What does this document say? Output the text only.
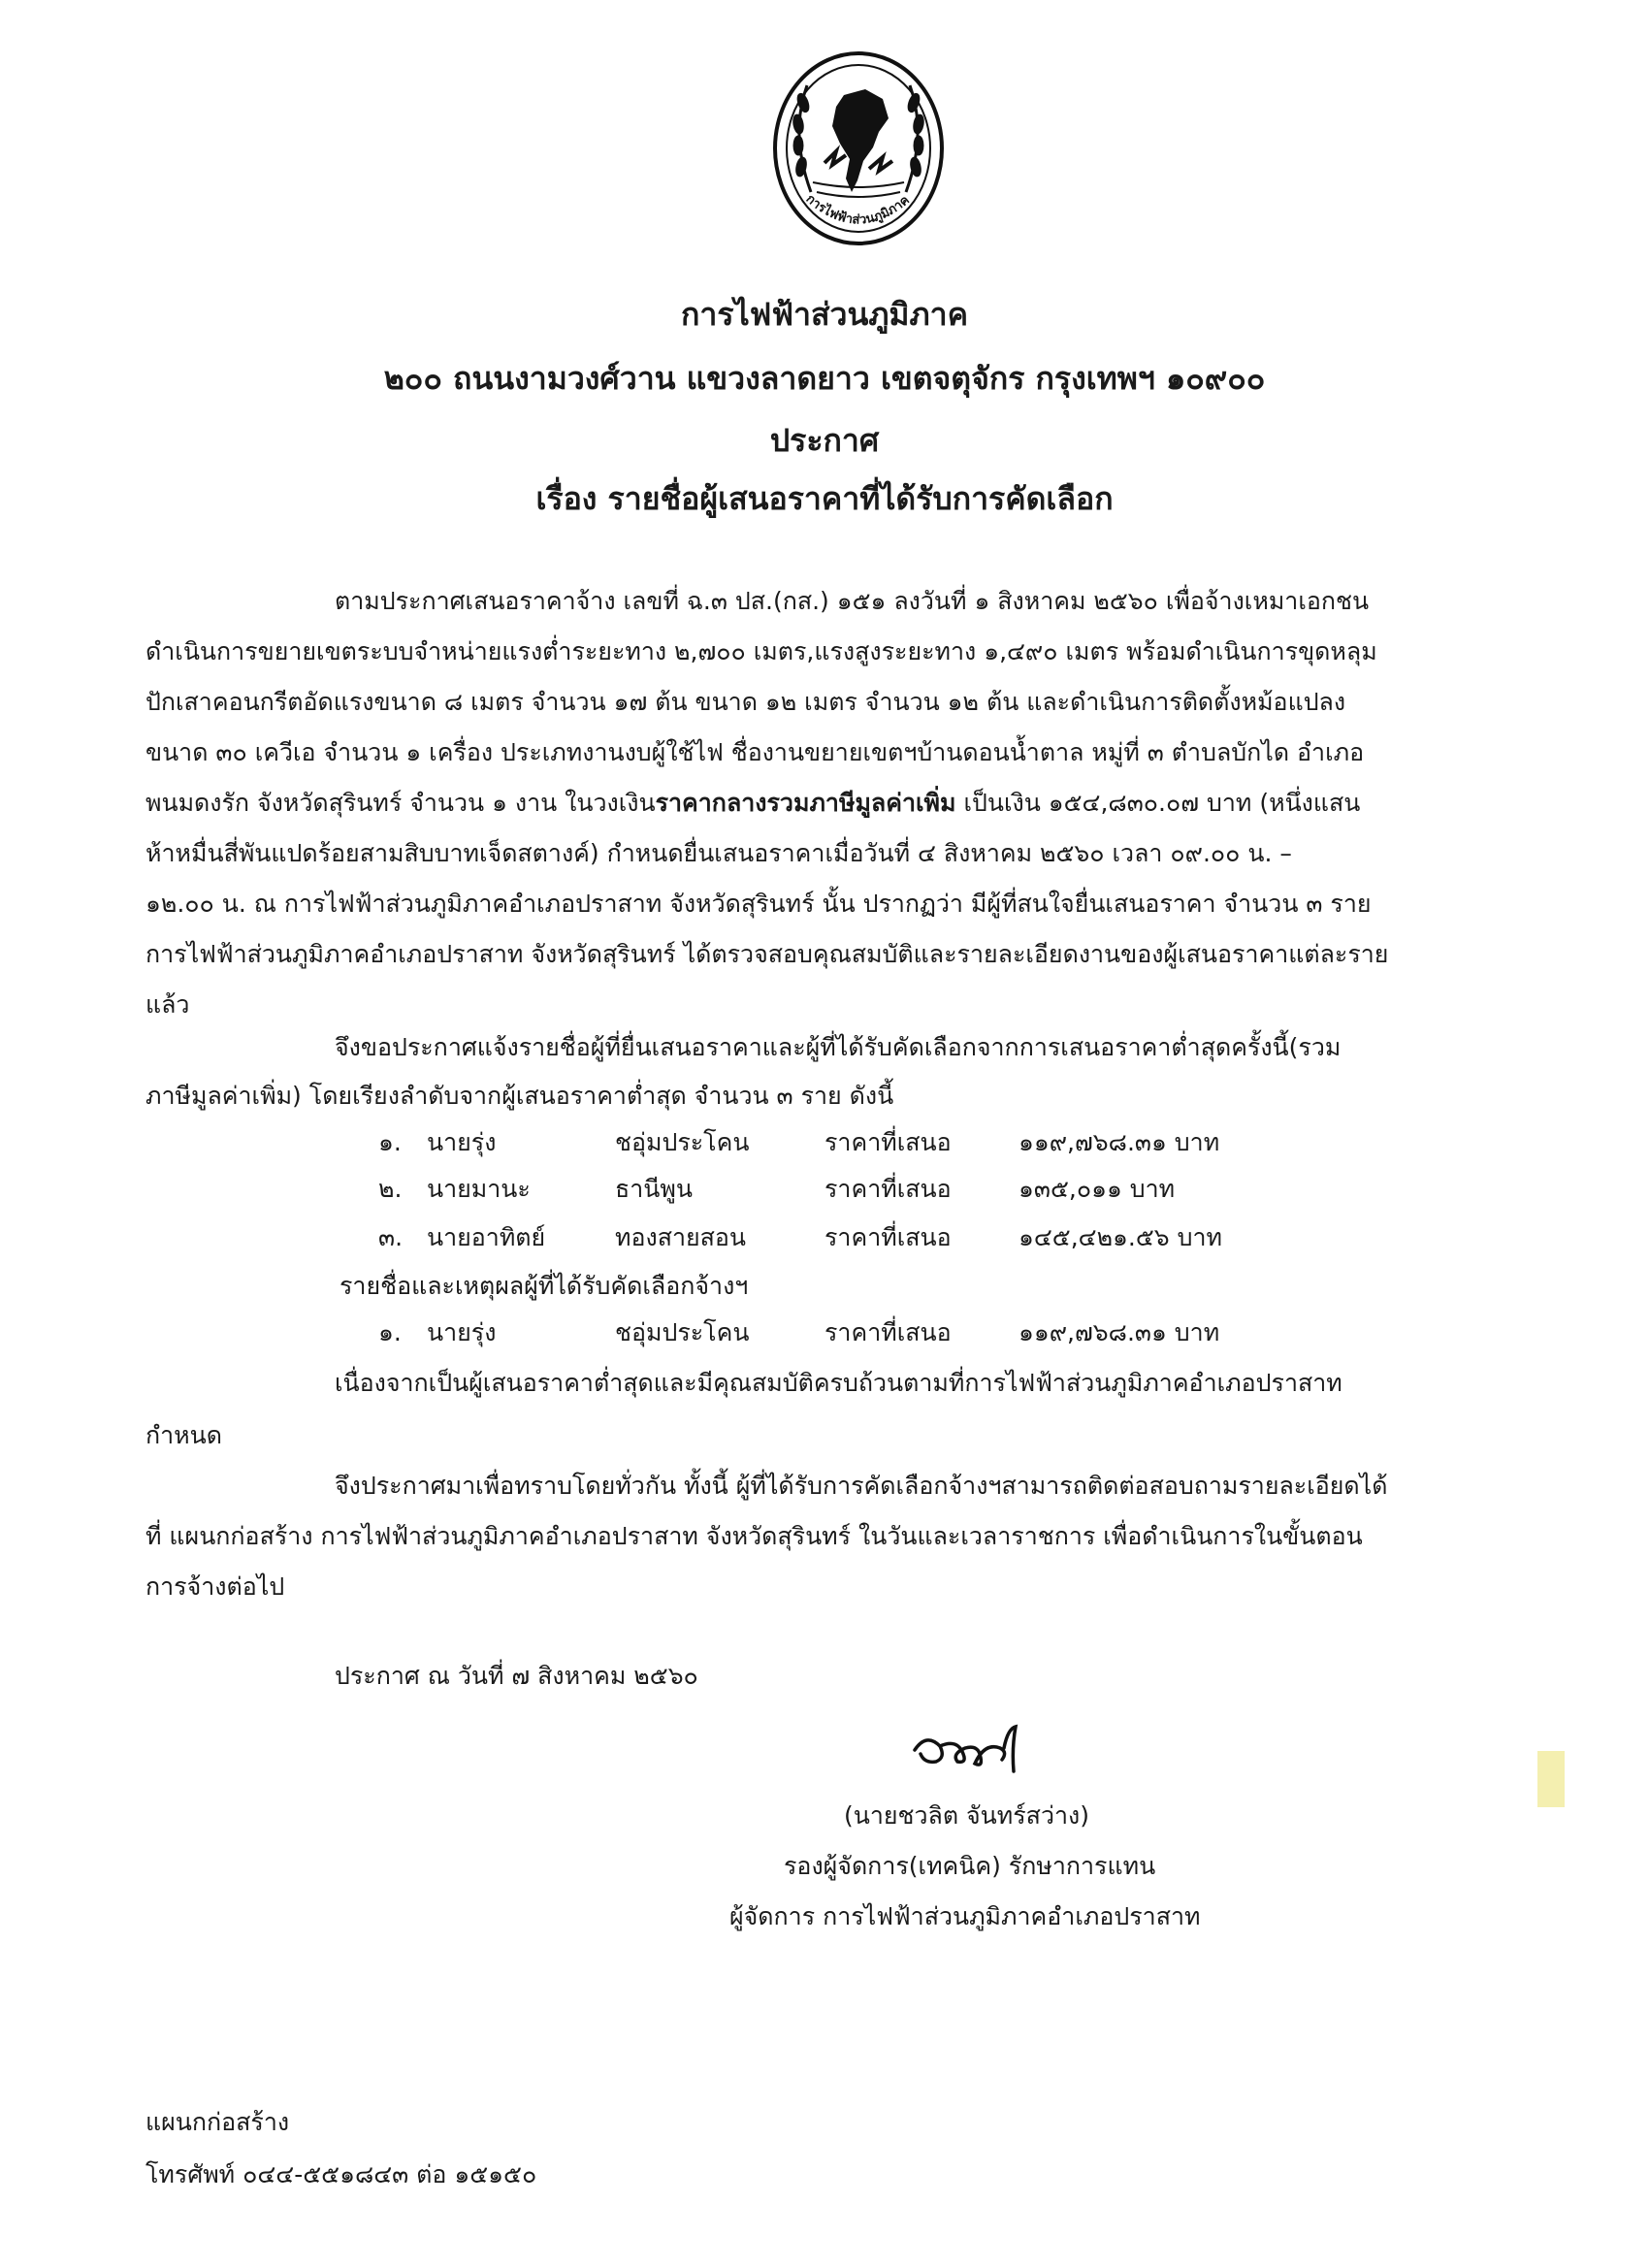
การไฟฟ้าส่วนภูมิภาค
การไฟฟ้าส่วนภูมิภาค
๒๐๐ ถนนงามวงศ์วาน แขวงลาดยาว เขตจตุจักร กรุงเทพฯ ๑๐๙๐๐
ประกาศ
เรื่อง รายชื่อผู้เสนอราคาที่ได้รับการคัดเลือก
ตามประกาศเสนอราคาจ้าง เลขที่ ฉ.๓ ปส.(กส.) ๑๕๑ ลงวันที่ ๑ สิงหาคม ๒๕๖๐ เพื่อจ้างเหมาเอกชน
ดำเนินการขยายเขตระบบจำหน่ายแรงต่ำระยะทาง ๒,๗๐๐ เมตร,แรงสูงระยะทาง ๑,๔๙๐ เมตร พร้อมดำเนินการขุดหลุม
ปักเสาคอนกรีตอัดแรงขนาด ๘ เมตร จำนวน ๑๗ ต้น ขนาด ๑๒ เมตร จำนวน ๑๒ ต้น และดำเนินการติดตั้งหม้อแปลง
ขนาด ๓๐ เควีเอ จำนวน ๑ เครื่อง ประเภทงานงบผู้ใช้ไฟ ชื่องานขยายเขตฯบ้านดอนน้ำตาล หมู่ที่ ๓ ตำบลบักได อำเภอ
พนมดงรัก จังหวัดสุรินทร์ จำนวน ๑ งาน ในวงเงินราคากลางรวมภาษีมูลค่าเพิ่ม เป็นเงิน ๑๕๔,๘๓๐.๐๗ บาท (หนึ่งแสน
ห้าหมื่นสี่พันแปดร้อยสามสิบบาทเจ็ดสตางค์) กำหนดยื่นเสนอราคาเมื่อวันที่ ๔ สิงหาคม ๒๕๖๐ เวลา ๐๙.๐๐ น. –
๑๒.๐๐ น. ณ การไฟฟ้าส่วนภูมิภาคอำเภอปราสาท จังหวัดสุรินทร์ นั้น ปรากฏว่า มีผู้ที่สนใจยื่นเสนอราคา จำนวน ๓ ราย
การไฟฟ้าส่วนภูมิภาคอำเภอปราสาท จังหวัดสุรินทร์ ได้ตรวจสอบคุณสมบัติและรายละเอียดงานของผู้เสนอราคาแต่ละราย
แล้ว
จึงขอประกาศแจ้งรายชื่อผู้ที่ยื่นเสนอราคาและผู้ที่ได้รับคัดเลือกจากการเสนอราคาต่ำสุดครั้งนี้(รวม
ภาษีมูลค่าเพิ่ม) โดยเรียงลำดับจากผู้เสนอราคาต่ำสุด จำนวน ๓ ราย ดังนี้
๑. นายรุ่ง	ชอุ่มประโคน	ราคาที่เสนอ	๑๑๙,๗๖๘.๓๑ บาท
๒. นายมานะ	ธานีพูน	ราคาที่เสนอ	๑๓๕,๐๑๑ บาท
๓. นายอาทิตย์	ทองสายสอน	ราคาที่เสนอ	๑๔๕,๔๒๑.๕๖ บาท
รายชื่อและเหตุผลผู้ที่ได้รับคัดเลือกจ้างฯ
๑. นายรุ่ง	ชอุ่มประโคน	ราคาที่เสนอ	๑๑๙,๗๖๘.๓๑ บาท
เนื่องจากเป็นผู้เสนอราคาต่ำสุดและมีคุณสมบัติครบถ้วนตามที่การไฟฟ้าส่วนภูมิภาคอำเภอปราสาท
กำหนด
จึงประกาศมาเพื่อทราบโดยทั่วกัน ทั้งนี้ ผู้ที่ได้รับการคัดเลือกจ้างฯสามารถติดต่อสอบถามรายละเอียดได้
ที่ แผนกก่อสร้าง การไฟฟ้าส่วนภูมิภาคอำเภอปราสาท จังหวัดสุรินทร์ ในวันและเวลาราชการ เพื่อดำเนินการในขั้นตอน
การจ้างต่อไป
ประกาศ ณ วันที่ ๗ สิงหาคม ๒๕๖๐
(นายชวลิต จันทร์สว่าง)
รองผู้จัดการ(เทคนิค) รักษาการแทน
ผู้จัดการ การไฟฟ้าส่วนภูมิภาคอำเภอปราสาท
แผนกก่อสร้าง
โทรศัพท์ ๐๔๔-๕๕๑๘๔๓ ต่อ ๑๕๑๕๐
